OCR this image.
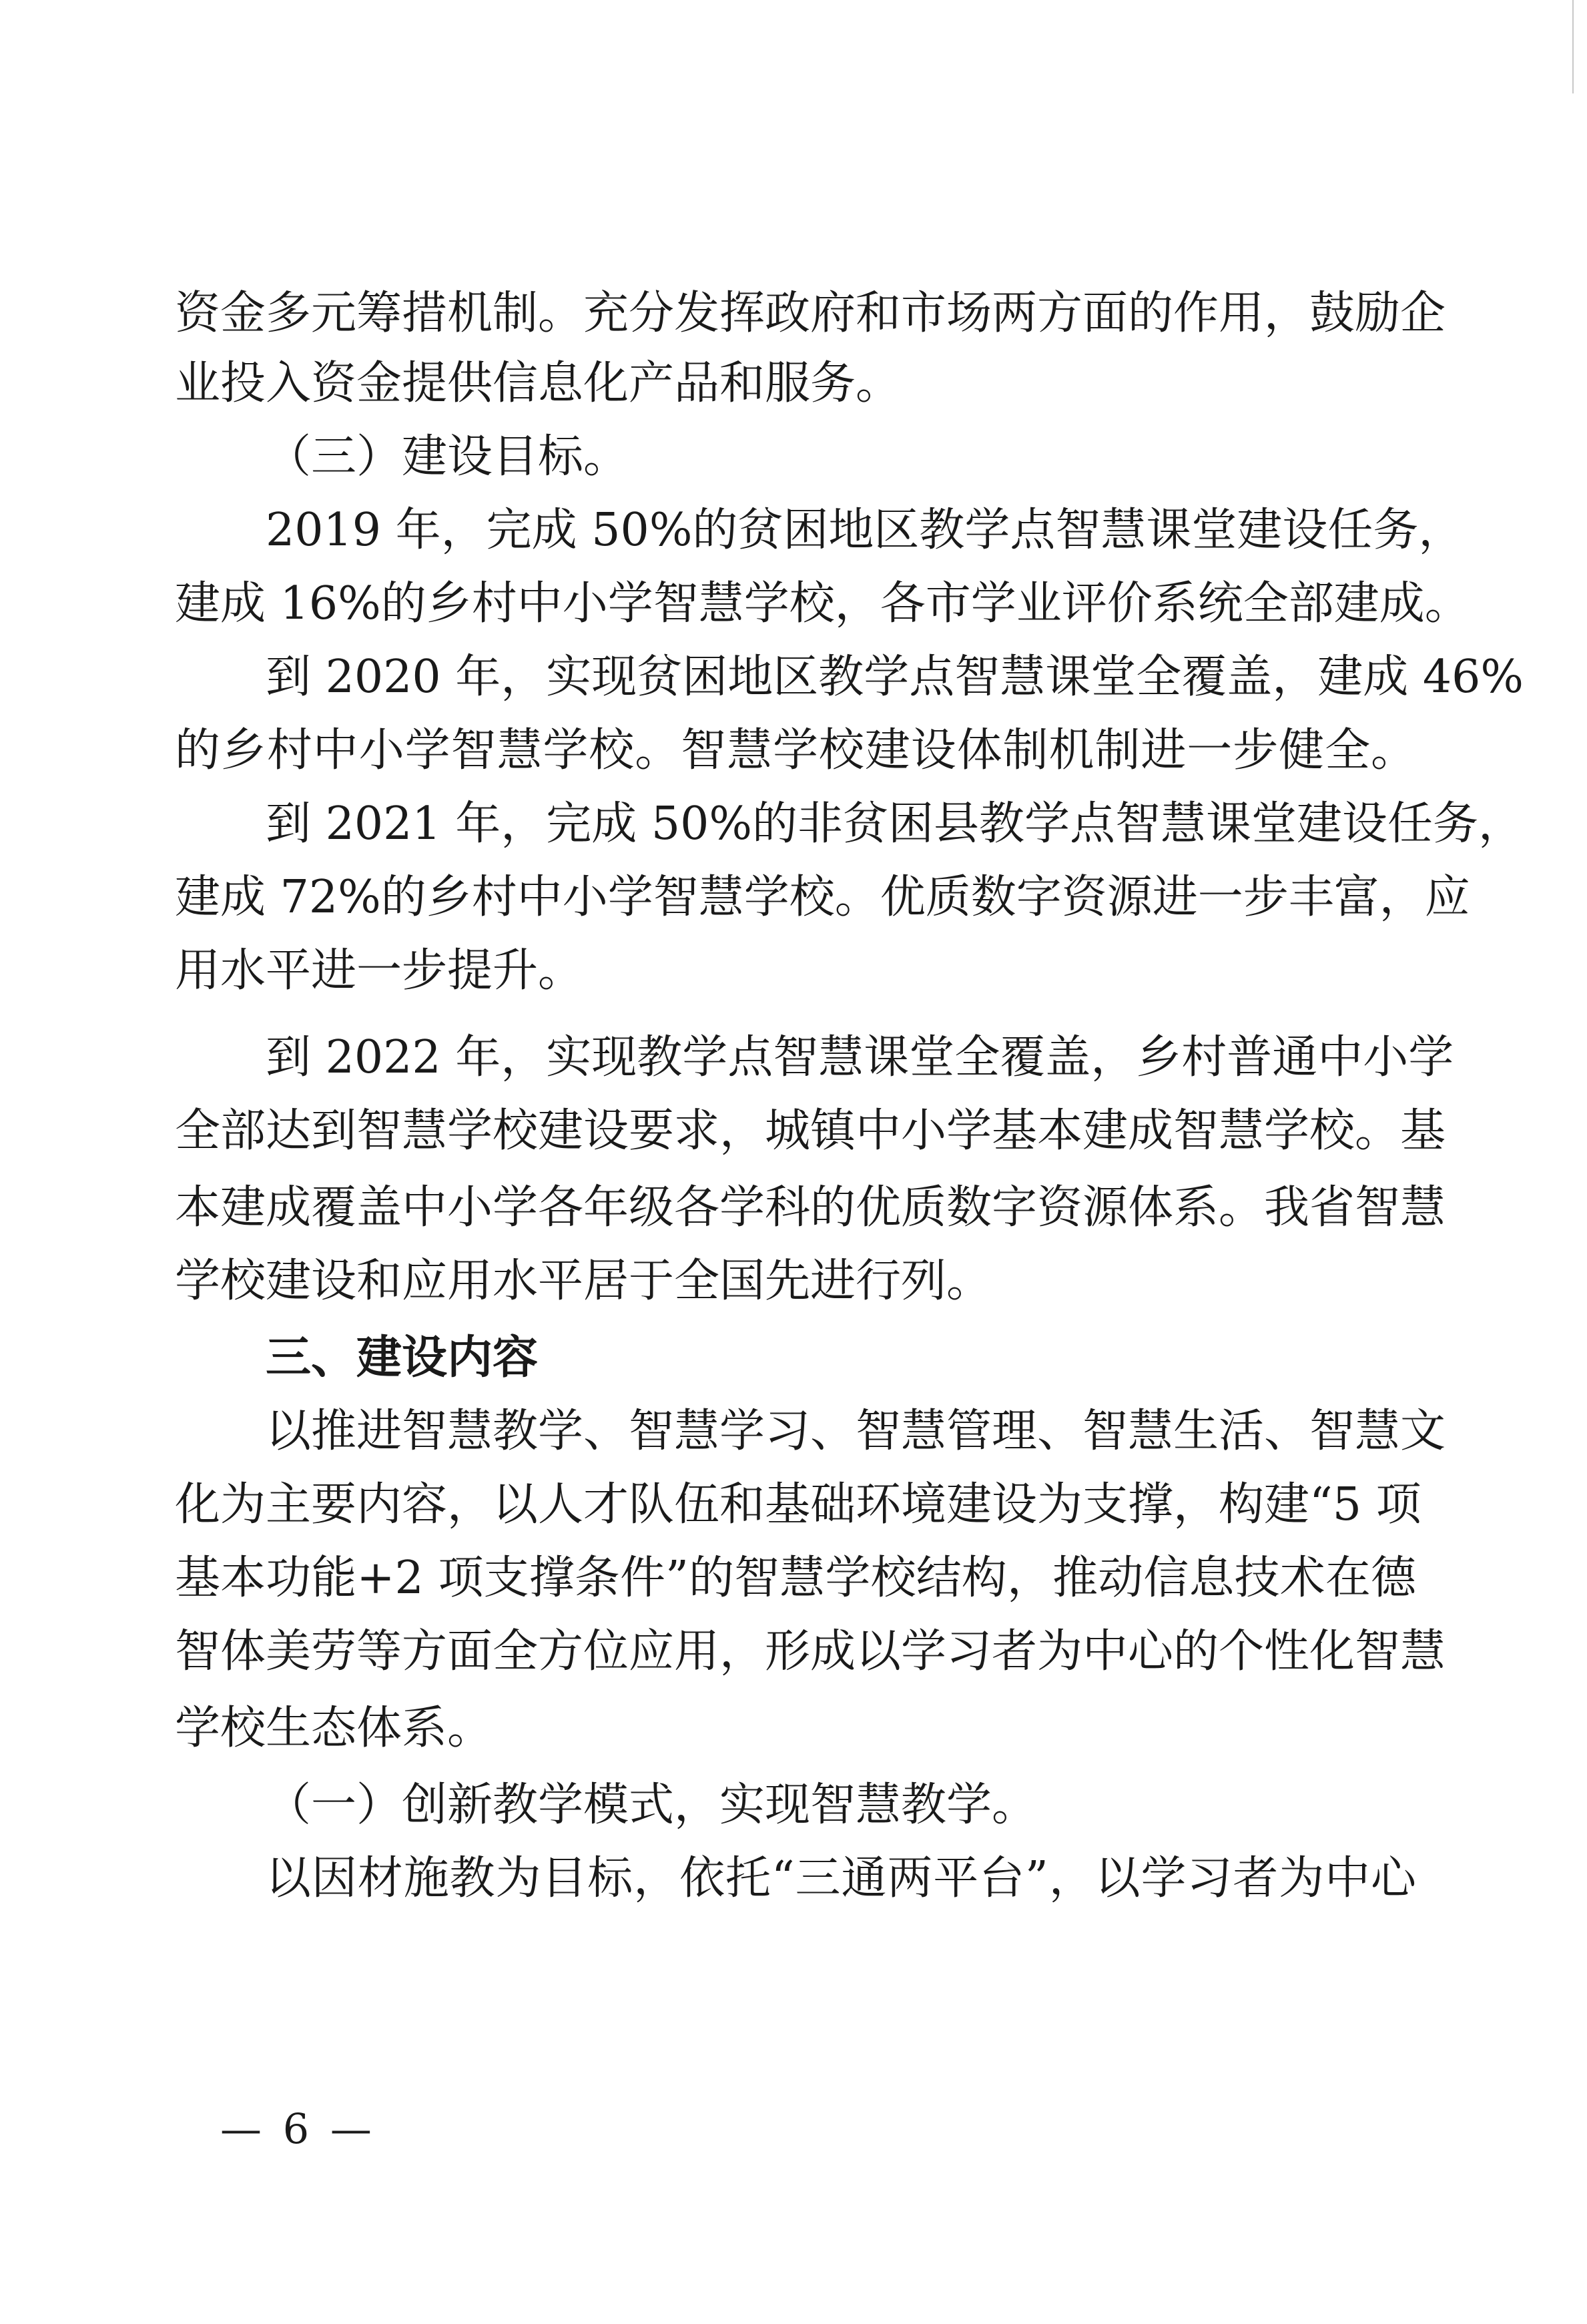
资金多元筹措机制。充分发挥政府和市场两方面的作用，鼓励企
业投入资金提供信息化产品和服务。
（三）建设目标。
2019 年，完成 50%的贫困地区教学点智慧课堂建设任务，
建成 16%的乡村中小学智慧学校，各市学业评价系统全部建成。
到 2020 年，实现贫困地区教学点智慧课堂全覆盖，建成 46%
的乡村中小学智慧学校。智慧学校建设体制机制进一步健全。
到 2021 年，完成 50%的非贫困县教学点智慧课堂建设任务，
建成 72%的乡村中小学智慧学校。优质数字资源进一步丰富，应
用水平进一步提升。
到 2022 年，实现教学点智慧课堂全覆盖，乡村普通中小学
全部达到智慧学校建设要求，城镇中小学基本建成智慧学校。基
本建成覆盖中小学各年级各学科的优质数字资源体系。我省智慧
学校建设和应用水平居于全国先进行列。
三、建设内容
以推进智慧教学、智慧学习、智慧管理、智慧生活、智慧文
化为主要内容，以人才队伍和基础环境建设为支撑，构建“5 项
基本功能+2 项支撑条件”的智慧学校结构，推动信息技术在德
智体美劳等方面全方位应用，形成以学习者为中心的个性化智慧
学校生态体系。
（一）创新教学模式，实现智慧教学。
以因材施教为目标，依托“三通两平台”，以学习者为中心
— 6 —
